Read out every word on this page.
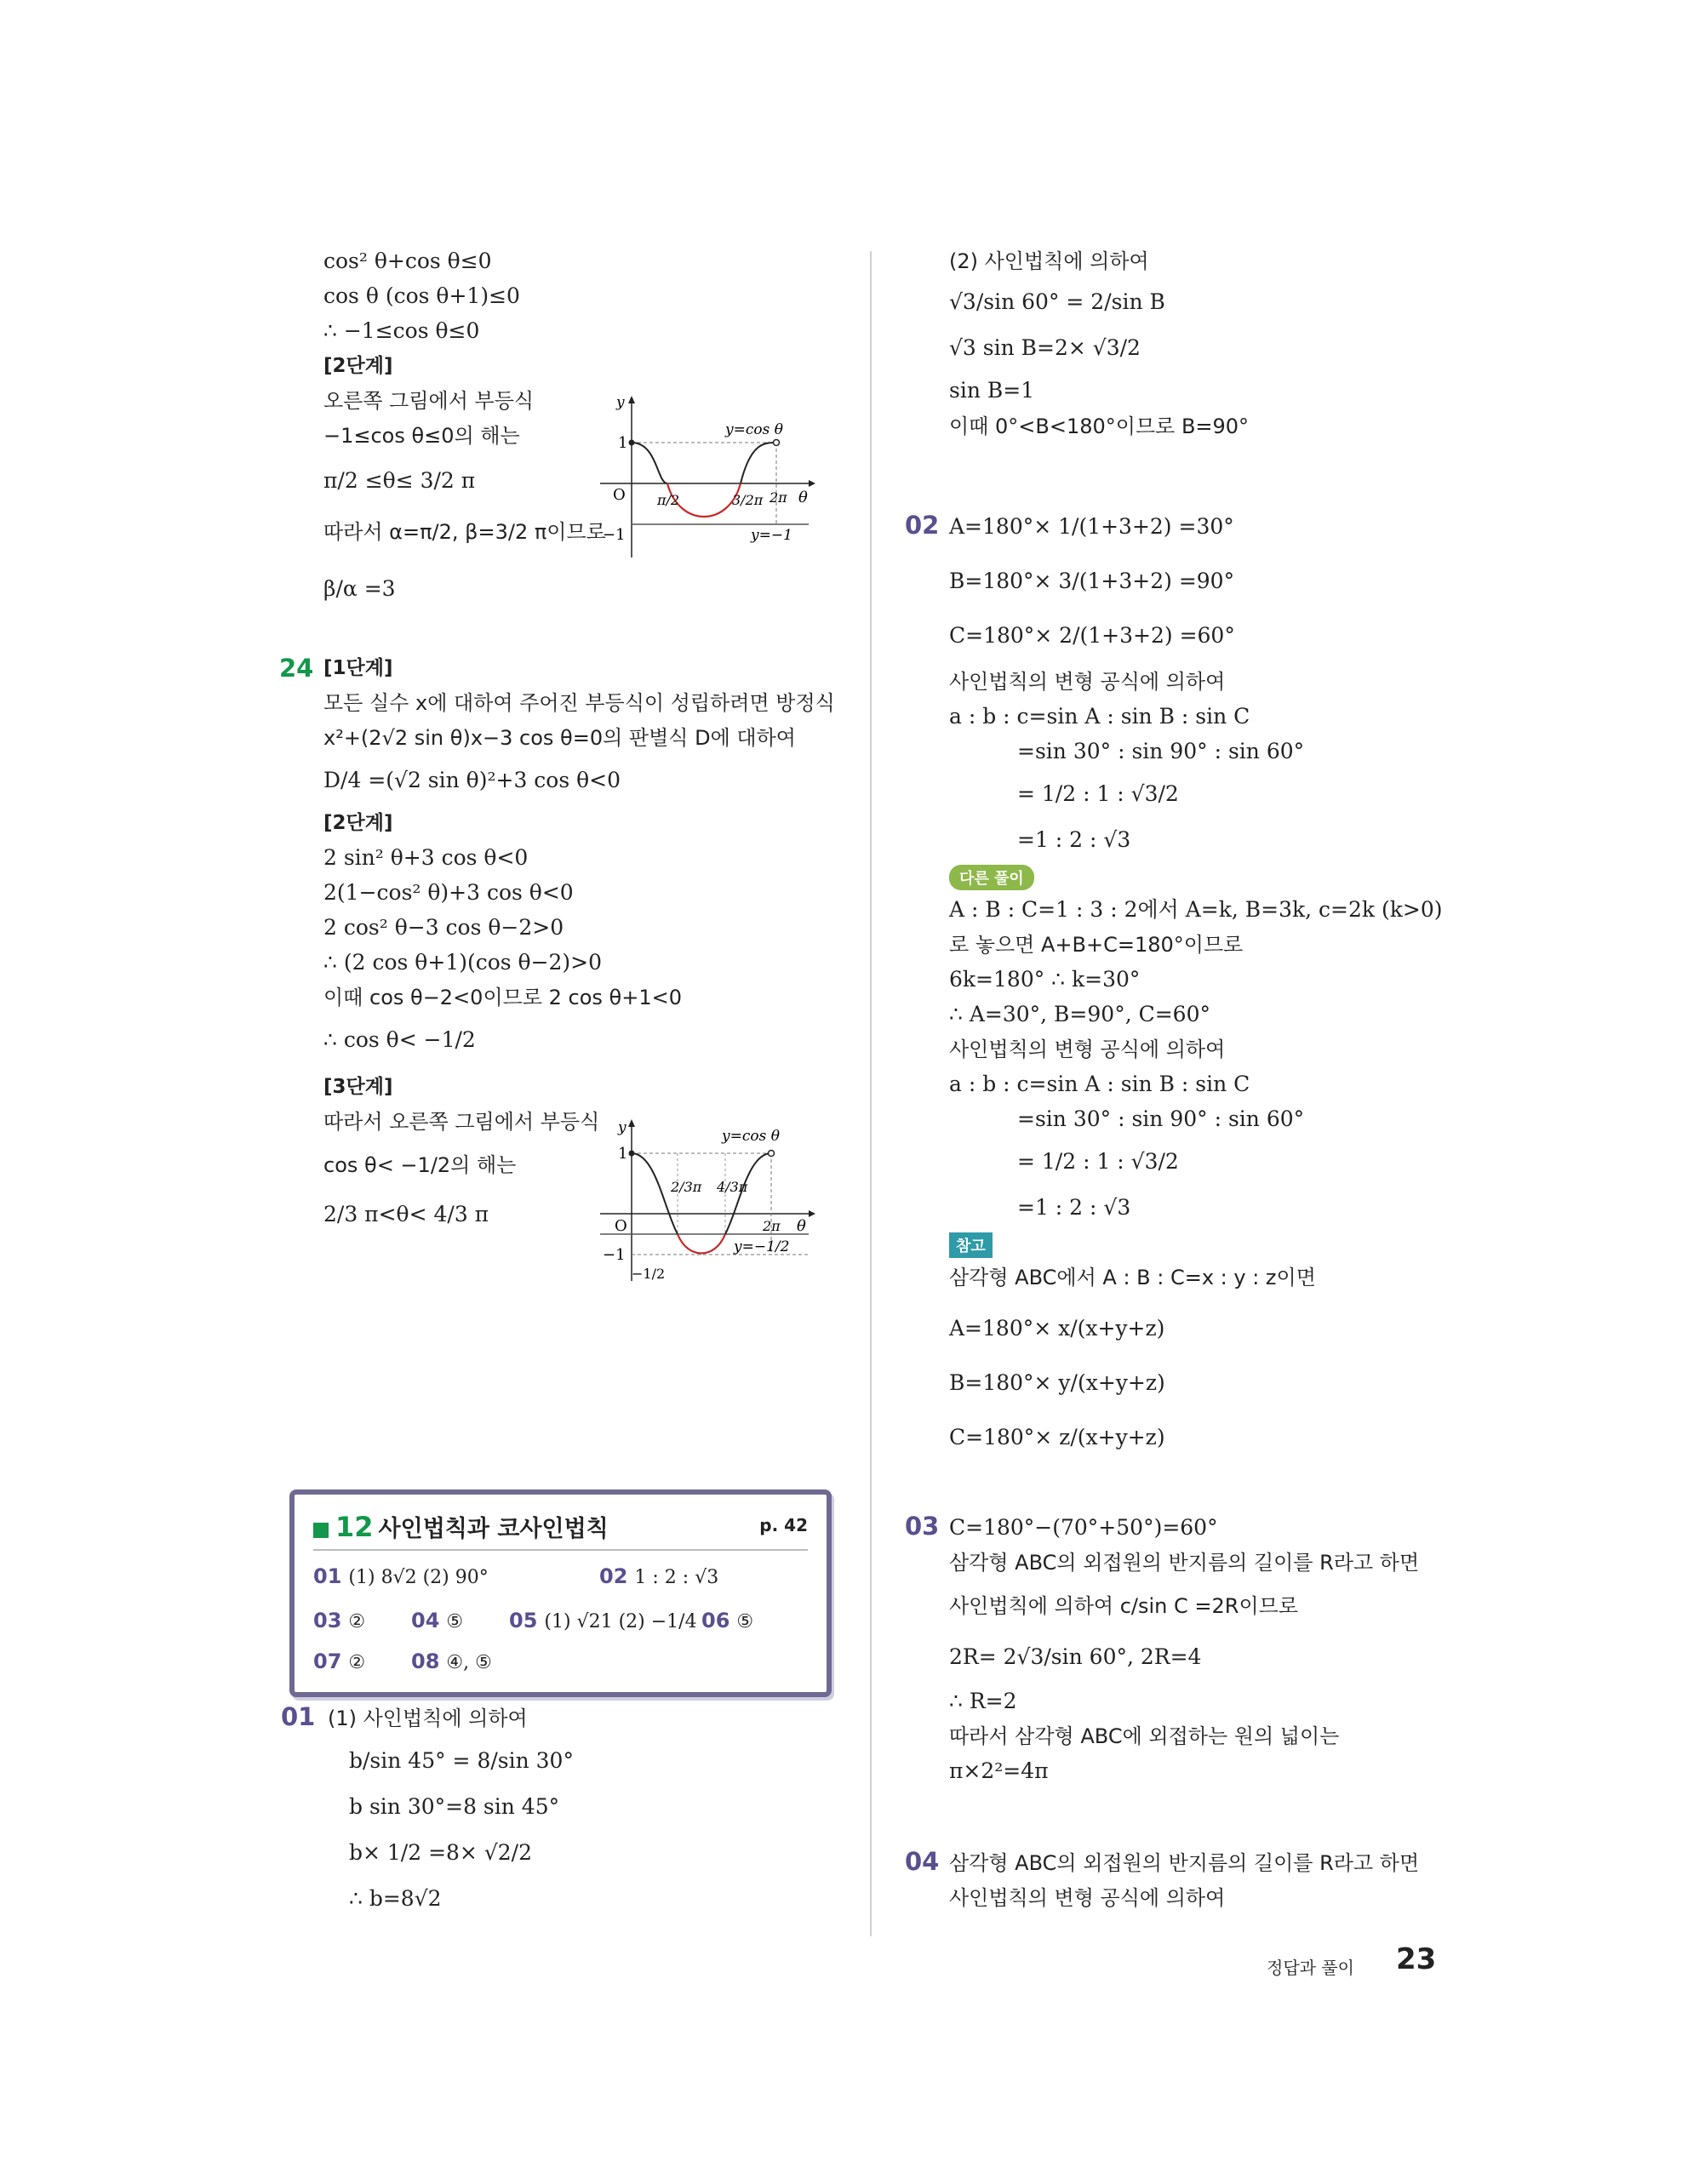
cos² θ+cos θ≤0
cos θ (cos θ+1)≤0
∴ −1≤cos θ≤0
[2단계]
오른쪽 그림에서 부등식
−1≤cos θ≤0의 해는
π/2 ≤θ≤ 3/2 π
따라서 α=π/2, β=3/2 π이므로
β/α =3
24 [1단계]
모든 실수 x에 대하여 주어진 부등식이 성립하려면 방정식
x²+(2√2 sin θ)x−3 cos θ=0의 판별식 D에 대하여
D/4 =(√2 sin θ)²+3 cos θ<0
[2단계]
2 sin² θ+3 cos θ<0
2(1−cos² θ)+3 cos θ<0
2 cos² θ−3 cos θ−2>0
∴ (2 cos θ+1)(cos θ−2)>0
이때 cos θ−2<0이므로 2 cos θ+1<0
∴ cos θ< −1/2
[3단계]
따라서 오른쪽 그림에서 부등식
cos θ< −1/2의 해는
2/3 π<θ< 4/3 π
y
O
1
−1
y=cos θ
y=−1
π/2	3/2π 2π θ
y
O
1
−1
−1/2
y=cos θ
y=−1/2
2/3π 4/3π
2π θ
12 사인법칙과 코사인법칙	p. 42
01 (1) 8√2 (2) 90°	02 1 : 2 : √3
03 ② 04 ⑤ 05 (1) √21 (2) −1/4 06 ⑤
07 ② 08 ④, ⑤
01 (1) 사인법칙에 의하여
b/sin 45° = 8/sin 30°
b sin 30°=8 sin 45°
b× 1/2 =8× √2/2
∴ b=8√2
(2) 사인법칙에 의하여
√3/sin 60° = 2/sin B
√3 sin B=2× √3/2
sin B=1
이때 0°<B<180°이므로 B=90°
02 A=180°× 1/(1+3+2) =30°
B=180°× 3/(1+3+2) =90°
C=180°× 2/(1+3+2) =60°
사인법칙의 변형 공식에 의하여
a : b : c=sin A : sin B : sin C
=sin 30° : sin 90° : sin 60°
= 1/2 : 1 : √3/2
=1 : 2 : √3
다른 풀이
A : B : C=1 : 3 : 2에서 A=k, B=3k, c=2k (k>0)
로 놓으면 A+B+C=180°이므로
6k=180° ∴ k=30°
∴ A=30°, B=90°, C=60°
사인법칙의 변형 공식에 의하여
a : b : c=sin A : sin B : sin C
=sin 30° : sin 90° : sin 60°
= 1/2 : 1 : √3/2
=1 : 2 : √3
참고
삼각형 ABC에서 A : B : C=x : y : z이면
A=180°× x/(x+y+z)
B=180°× y/(x+y+z)
C=180°× z/(x+y+z)
03 C=180°−(70°+50°)=60°
삼각형 ABC의 외접원의 반지름의 길이를 R라고 하면
사인법칙에 의하여 c/sin C =2R이므로
2R= 2√3/sin 60°, 2R=4
∴ R=2
따라서 삼각형 ABC에 외접하는 원의 넓이는
π×2²=4π
04 삼각형 ABC의 외접원의 반지름의 길이를 R라고 하면
사인법칙의 변형 공식에 의하여
정답과 풀이 23
